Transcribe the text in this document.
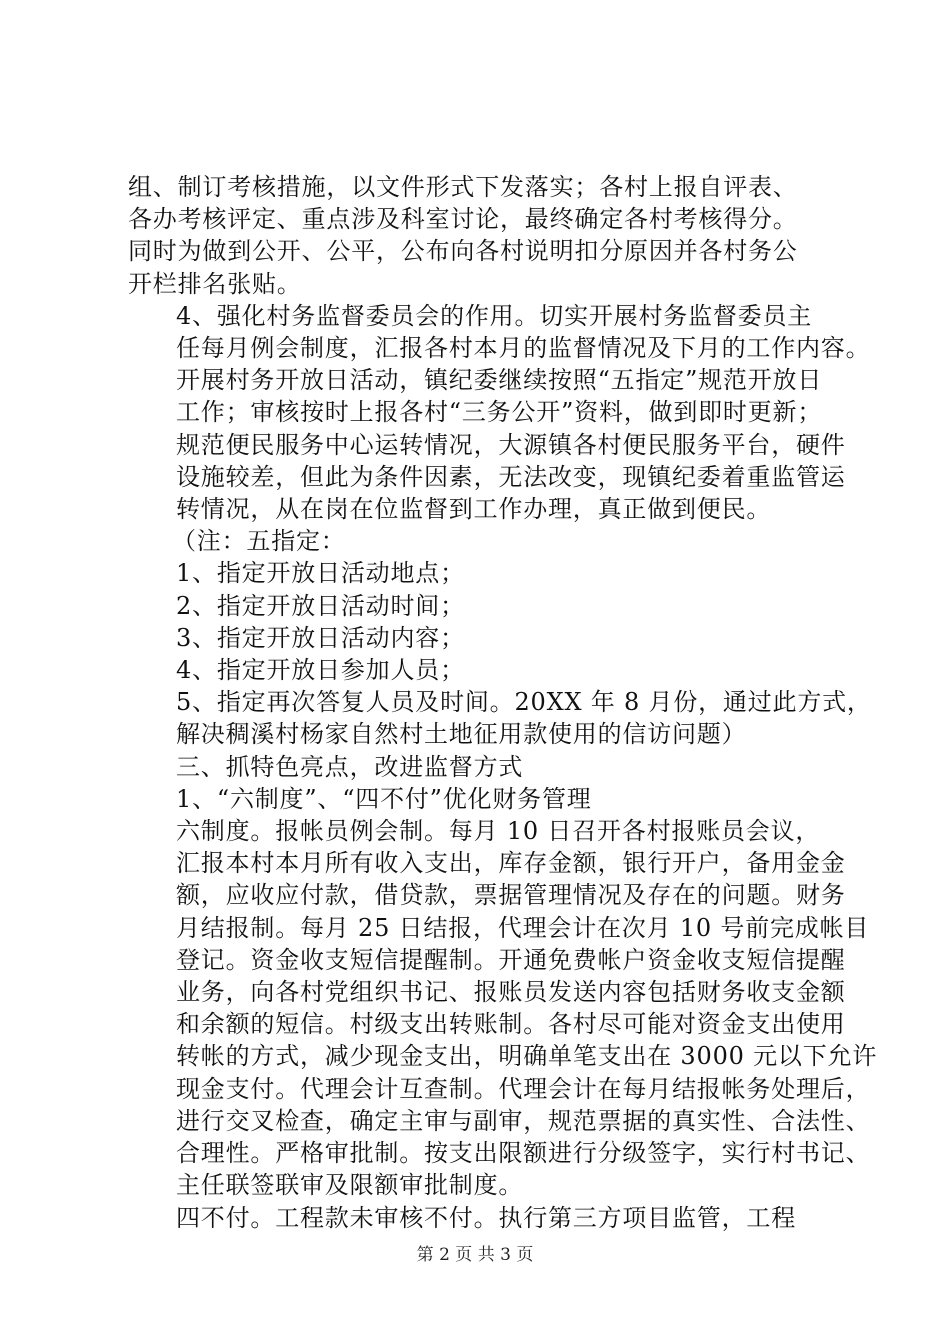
组、制订考核措施，以文件形式下发落实；各村上报自评表、
各办考核评定、重点涉及科室讨论，最终确定各村考核得分。
同时为做到公开、公平，公布向各村说明扣分原因并各村务公
开栏排名张贴。

4、强化村务监督委员会的作用。切实开展村务监督委员主
任每月例会制度，汇报各村本月的监督情况及下月的工作内容。
开展村务开放日活动，镇纪委继续按照“五指定”规范开放日
工作；审核按时上报各村“三务公开”资料，做到即时更新；
规范便民服务中心运转情况，大源镇各村便民服务平台，硬件
设施较差，但此为条件因素，无法改变，现镇纪委着重监管运
转情况，从在岗在位监督到工作办理，真正做到便民。

（注：五指定：

1、指定开放日活动地点；

2、指定开放日活动时间；

3、指定开放日活动内容；

4、指定开放日参加人员；

5、指定再次答复人员及时间。20XX 年 8 月份，通过此方式，
解决稠溪村杨家自然村土地征用款使用的信访问题）

三、抓特色亮点，改进监督方式

1、“六制度”、“四不付”优化财务管理

六制度。报帐员例会制。每月 10 日召开各村报账员会议，
汇报本村本月所有收入支出，库存金额，银行开户，备用金金
额，应收应付款，借贷款，票据管理情况及存在的问题。财务
月结报制。每月 25 日结报，代理会计在次月 10 号前完成帐目
登记。资金收支短信提醒制。开通免费帐户资金收支短信提醒
业务，向各村党组织书记、报账员发送内容包括财务收支金额
和余额的短信。村级支出转账制。各村尽可能对资金支出使用
转帐的方式，减少现金支出，明确单笔支出在 3000 元以下允许
现金支付。代理会计互查制。代理会计在每月结报帐务处理后，
进行交叉检查，确定主审与副审，规范票据的真实性、合法性、
合理性。严格审批制。按支出限额进行分级签字，实行村书记、
主任联签联审及限额审批制度。

四不付。工程款未审核不付。执行第三方项目监管，工程

第 2 页 共 3 页
